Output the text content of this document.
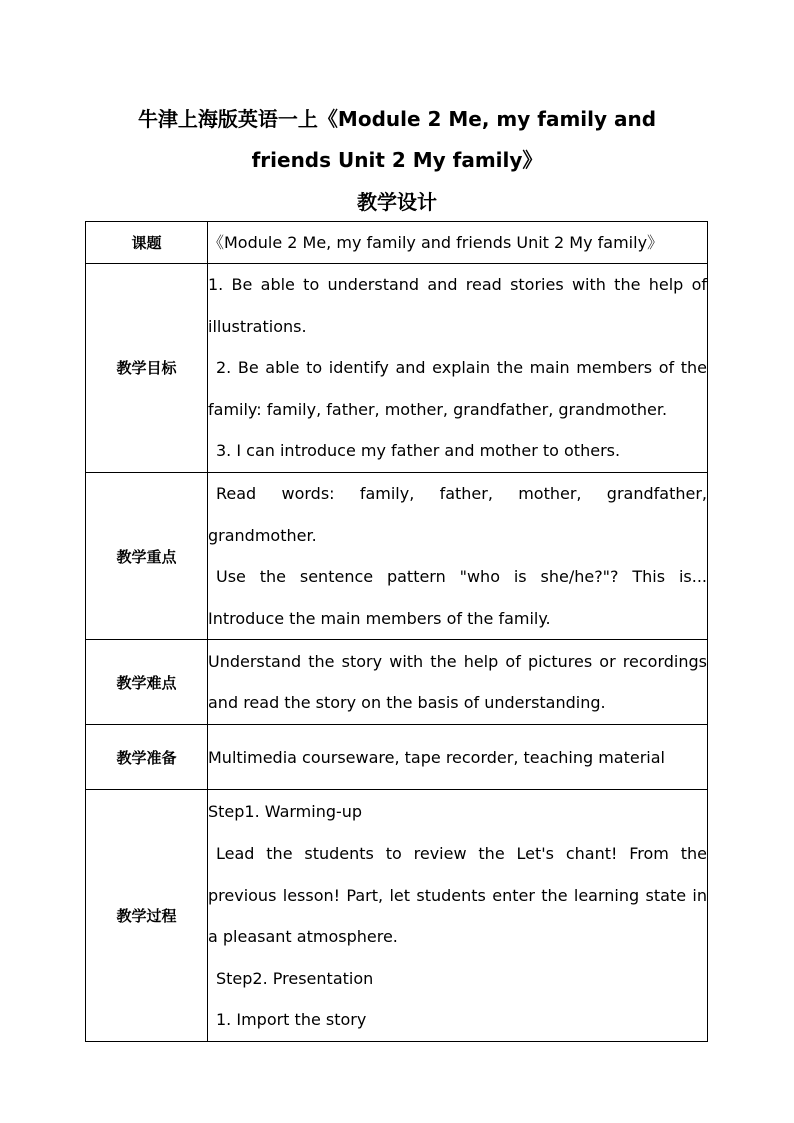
牛津上海版英语一上《Module 2 Me, my family and
friends Unit 2 My family》
教学设计
课题	《Module 2 Me, my family and friends Unit 2 My family》
教学目标	1. Be able to understand and read stories with the help of illustrations.
2. Be able to identify and explain the main members of the family: family, father, mother, grandfather, grandmother.
3. I can introduce my father and mother to others.

教学重点	Read words: family, father, mother, grandfather, grandmother.
Use the sentence pattern "who is she/he?"? This is... Introduce the main members of the family.

教学难点	Understand the story with the help of pictures or recordings and read the story on the basis of understanding.
教学准备	Multimedia courseware, tape recorder, teaching material
教学过程	Step1. Warming-up
Lead the students to review the Let's chant! From the previous lesson! Part, let students enter the learning state in a pleasant atmosphere.
Step2. Presentation
1. Import the story
